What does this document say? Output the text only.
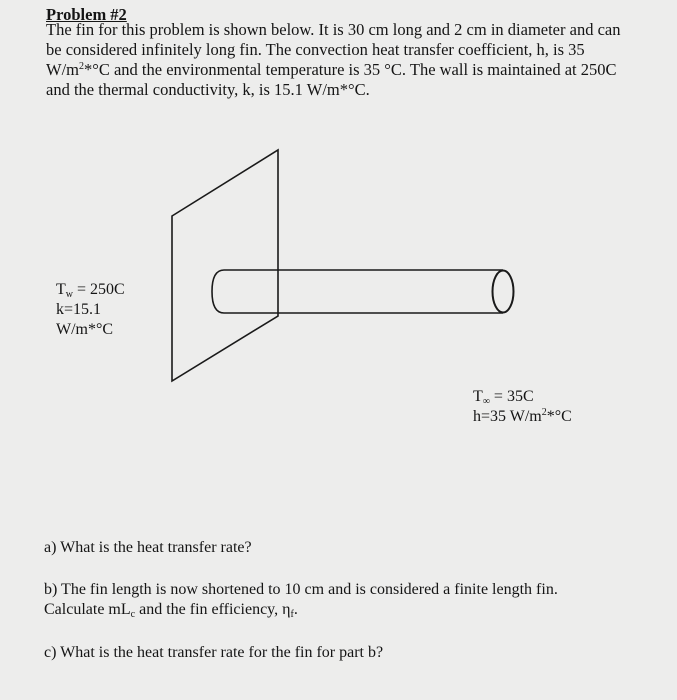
Problem #2
The fin for this problem is shown below. It is 30 cm long and 2 cm in diameter and can
be considered infinitely long fin. The convection heat transfer coefficient, h, is 35
$W/m^2*^\circ C$ and the environmental temperature is 35 °C. The wall is maintained at 250C
and the thermal conductivity, k, is 15.1 W/m*°C.
$T_w = 250C$
k=15.1
W/m*°C
$T_\infty = 35C$
h=35 $W/m^2*^\circ C$
a) What is the heat transfer rate?
b) The fin length is now shortened to 10 cm and is considered a finite length fin.
Calculate $mL_c$ and the fin efficiency, $\eta_f$.
c) What is the heat transfer rate for the fin for part b?
